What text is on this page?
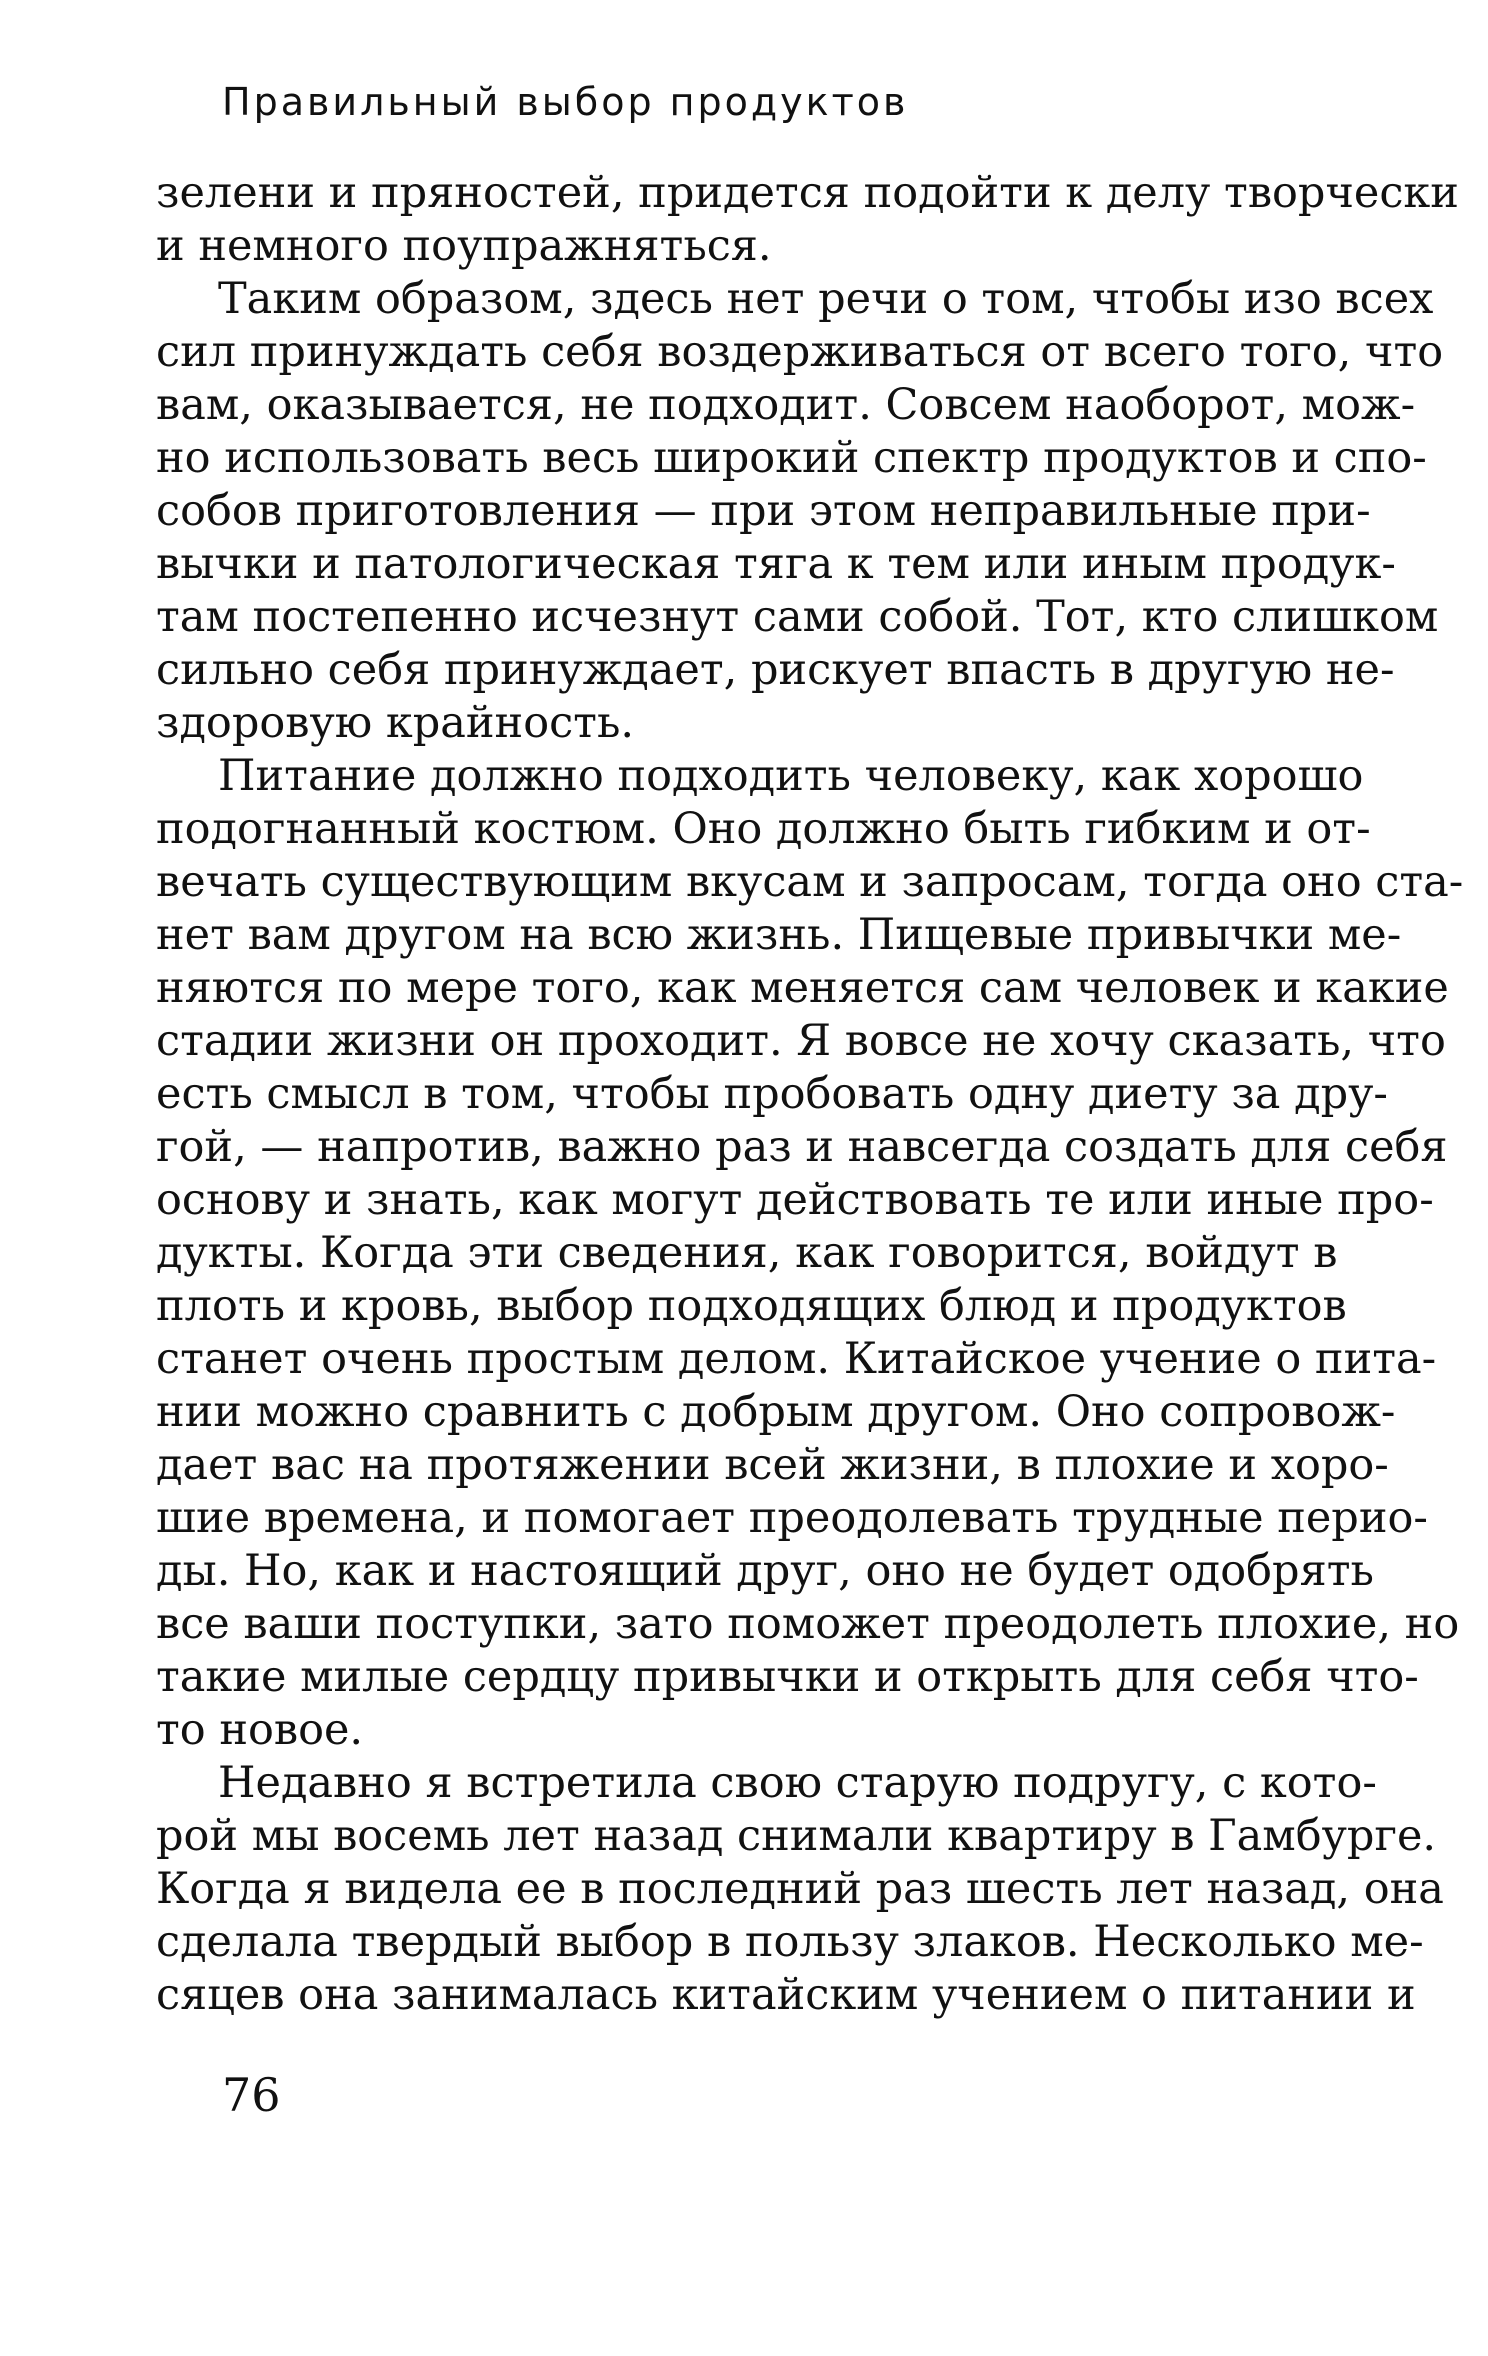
Правильный выбор продуктов
зелени и пряностей, придется подойти к делу творчески
и немного поупражняться.
Таким образом, здесь нет речи о том, чтобы изо всех
сил принуждать себя воздерживаться от всего того, что
вам, оказывается, не подходит. Совсем наоборот, мож-
но использовать весь широкий спектр продуктов и спо-
собов приготовления — при этом неправильные при-
вычки и патологическая тяга к тем или иным продук-
там постепенно исчезнут сами собой. Тот, кто слишком
сильно себя принуждает, рискует впасть в другую не-
здоровую крайность.
Питание должно подходить человеку, как хорошо
подогнанный костюм. Оно должно быть гибким и от-
вечать существующим вкусам и запросам, тогда оно ста-
нет вам другом на всю жизнь. Пищевые привычки ме-
няются по мере того, как меняется сам человек и какие
стадии жизни он проходит. Я вовсе не хочу сказать, что
есть смысл в том, чтобы пробовать одну диету за дру-
гой, — напротив, важно раз и навсегда создать для себя
основу и знать, как могут действовать те или иные про-
дукты. Когда эти сведения, как говорится, войдут в
плоть и кровь, выбор подходящих блюд и продуктов
станет очень простым делом. Китайское учение о пита-
нии можно сравнить с добрым другом. Оно сопровож-
дает вас на протяжении всей жизни, в плохие и хоро-
шие времена, и помогает преодолевать трудные перио-
ды. Но, как и настоящий друг, оно не будет одобрять
все ваши поступки, зато поможет преодолеть плохие, но
такие милые сердцу привычки и открыть для себя что-
то новое.
Недавно я встретила свою старую подругу, с кото-
рой мы восемь лет назад снимали квартиру в Гамбурге.
Когда я видела ее в последний раз шесть лет назад, она
сделала твердый выбор в пользу злаков. Несколько ме-
сяцев она занималась китайским учением о питании и
76
